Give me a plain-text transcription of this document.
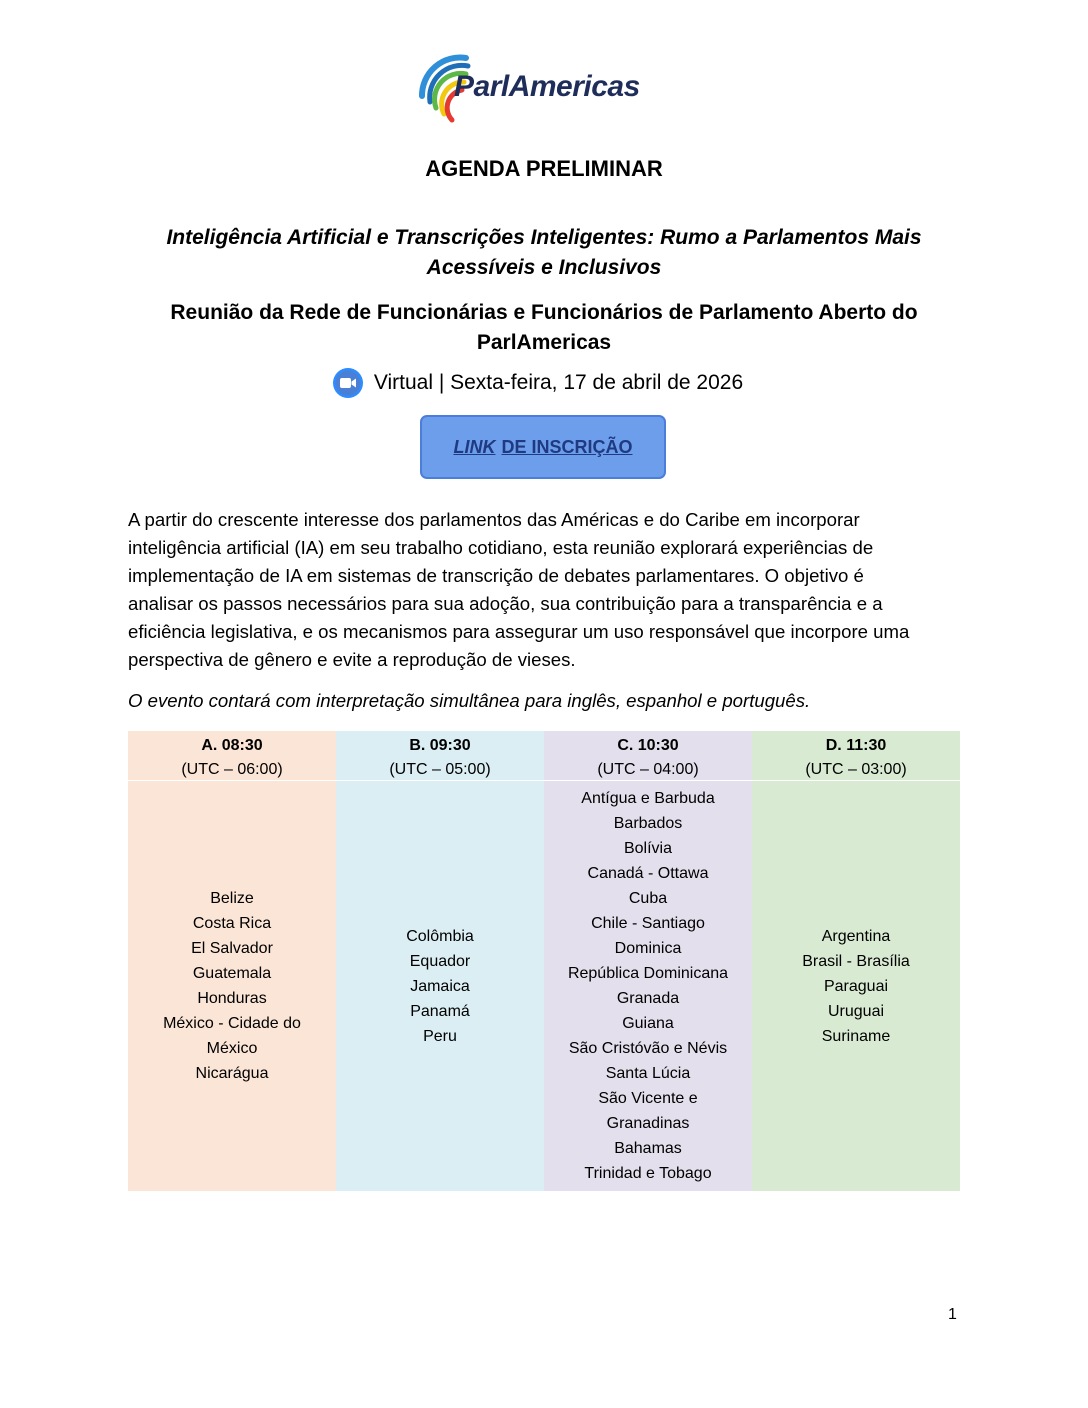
ParlAmericas
AGENDA PRELIMINAR
Inteligência Artificial e Transcrições Inteligentes: Rumo a Parlamentos Mais Acessíveis e Inclusivos
Reunião da Rede de Funcionárias e Funcionários de Parlamento Aberto do ParlAmericas
Virtual | Sexta-feira, 17 de abril de 2026
LINK DE INSCRIÇÃO
A partir do crescente interesse dos parlamentos das Américas e do Caribe em incorporar
inteligência artificial (IA) em seu trabalho cotidiano, esta reunião explorará experiências de
implementação de IA em sistemas de transcrição de debates parlamentares. O objetivo é
analisar os passos necessários para sua adoção, sua contribuição para a transparência e a
eficiência legislativa, e os mecanismos para assegurar um uso responsável que incorpore uma
perspectiva de gênero e evite a reprodução de vieses.
O evento contará com interpretação simultânea para inglês, espanhol e português.
A. 08:30
(UTC – 06:00)
Belize
Costa Rica
El Salvador
Guatemala
Honduras
México - Cidade do
México
Nicarágua
B. 09:30
(UTC – 05:00)
Colômbia
Equador
Jamaica
Panamá
Peru
C. 10:30
(UTC – 04:00)
Antígua e Barbuda
Barbados
Bolívia
Canadá - Ottawa
Cuba
Chile - Santiago
Dominica
República Dominicana
Granada
Guiana
São Cristóvão e Névis
Santa Lúcia
São Vicente e
Granadinas
Bahamas
Trinidad e Tobago
D. 11:30
(UTC – 03:00)
Argentina
Brasil - Brasília
Paraguai
Uruguai
Suriname
1
